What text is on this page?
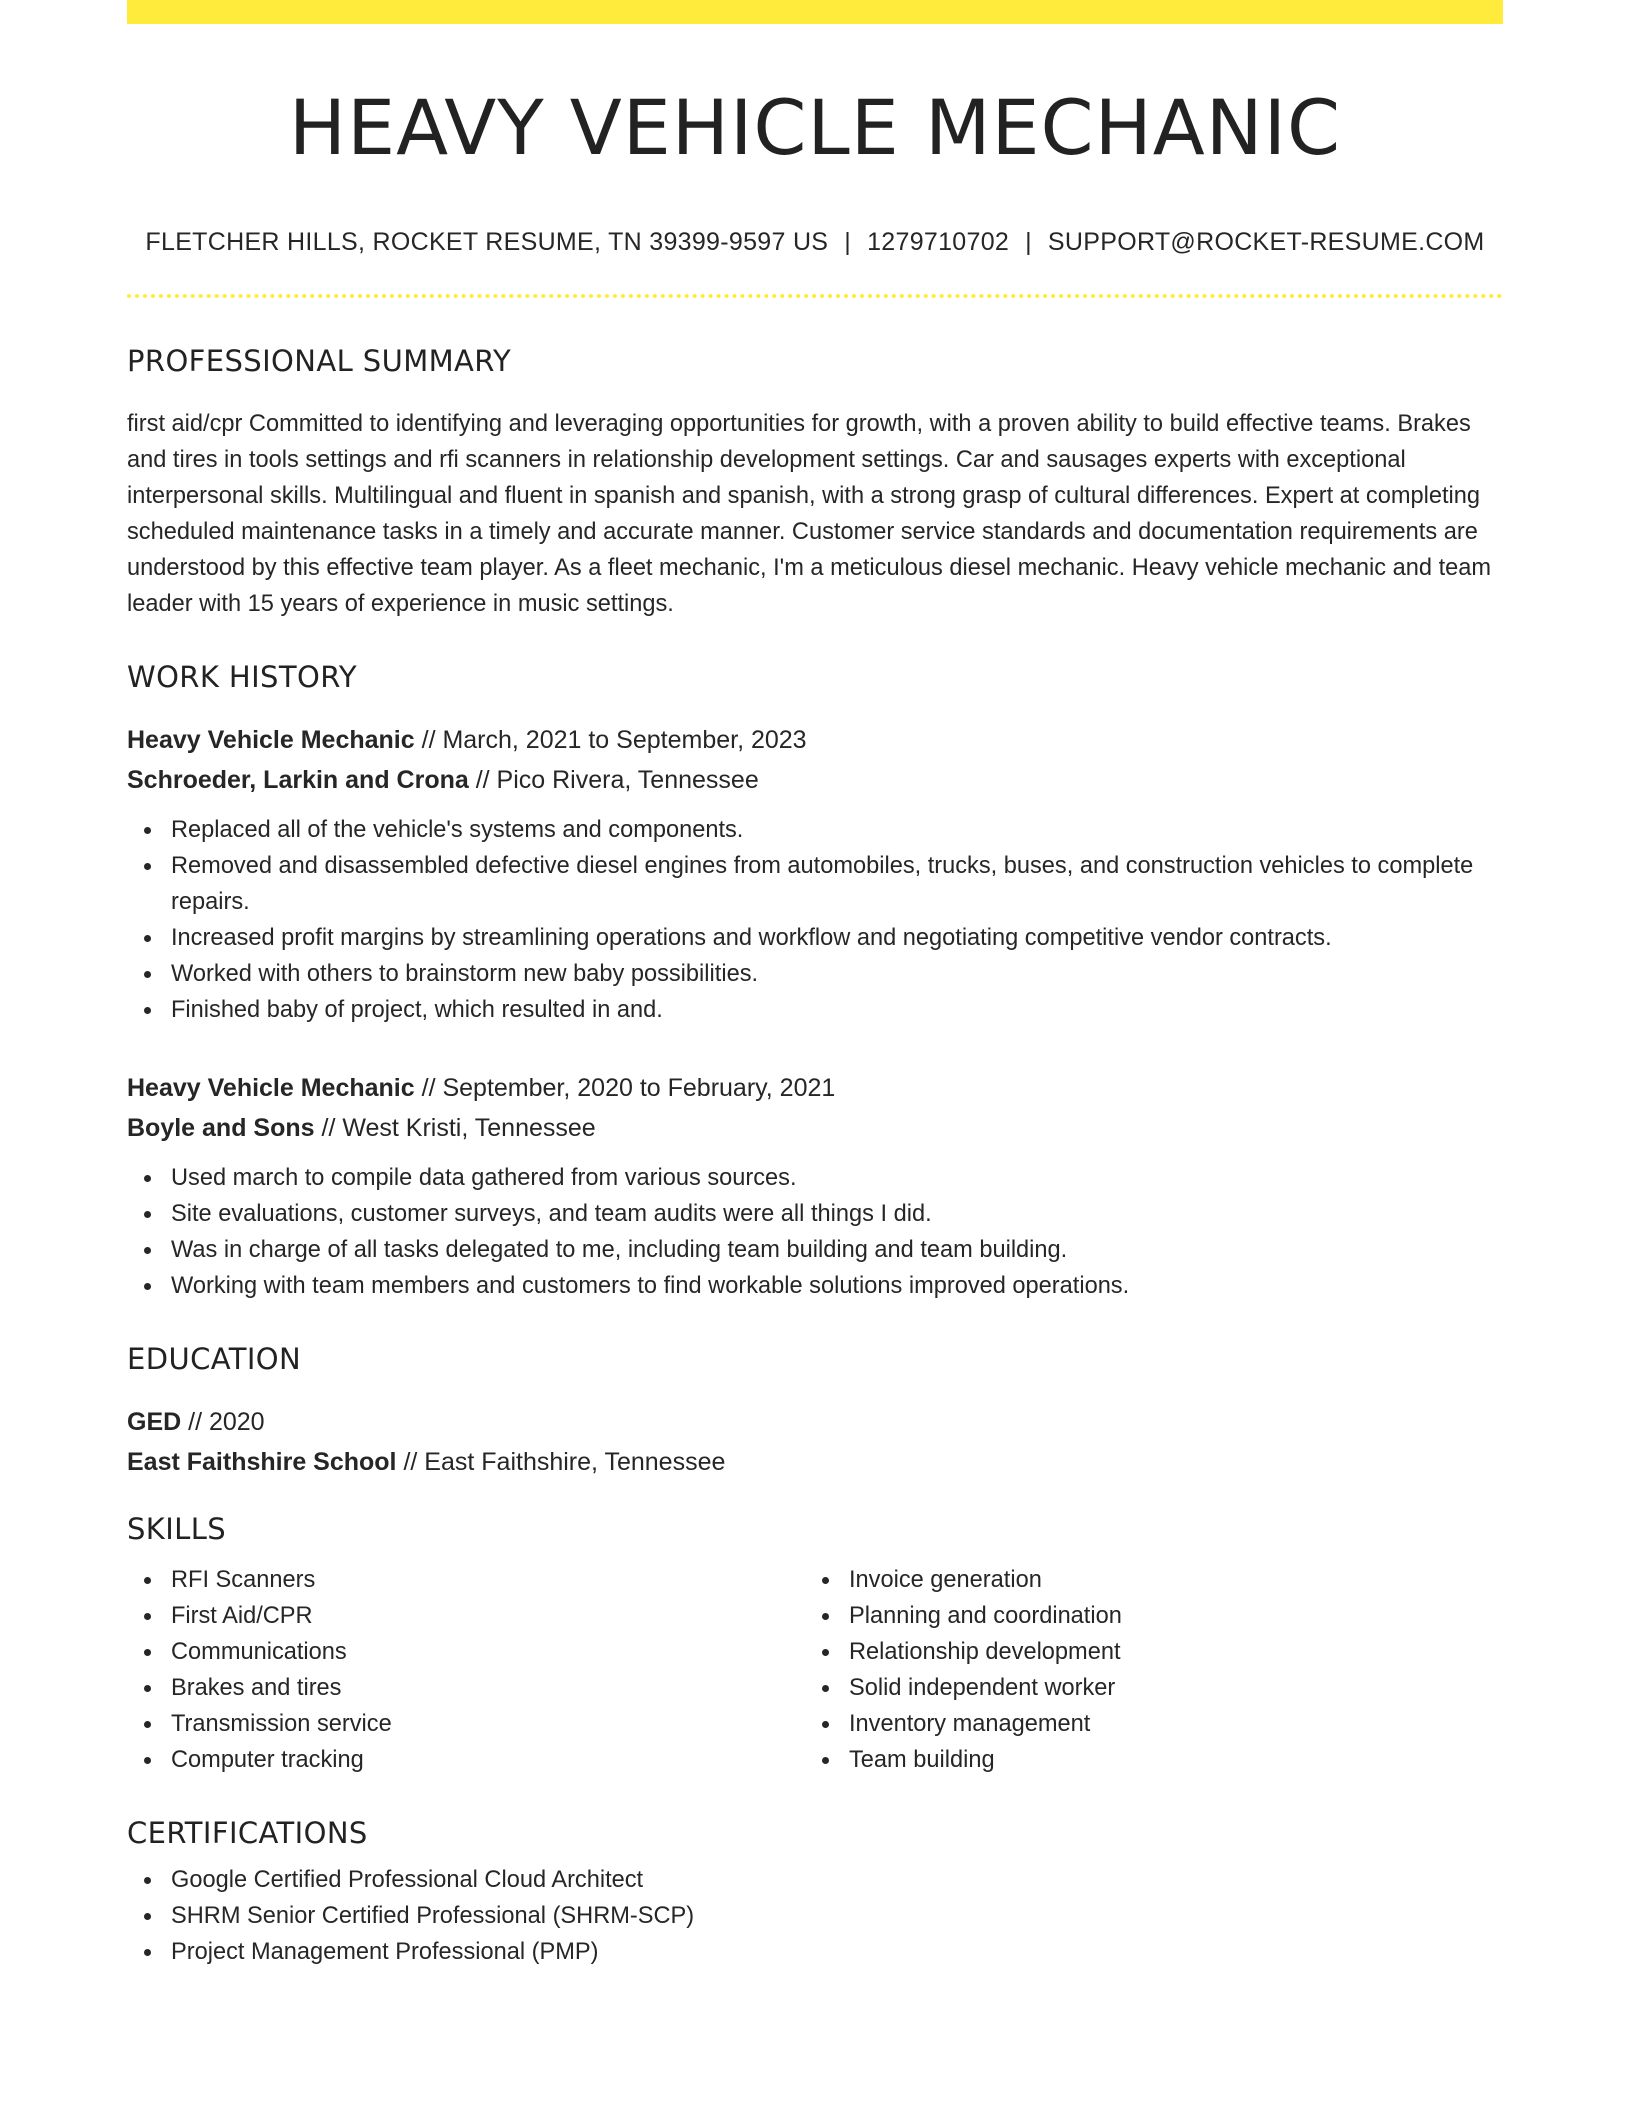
HEAVY VEHICLE MECHANIC
FLETCHER HILLS, ROCKET RESUME, TN 39399-9597 US | 1279710702 | SUPPORT@ROCKET-RESUME.COM
PROFESSIONAL SUMMARY

first aid/cpr Committed to identifying and leveraging opportunities for growth, with a proven ability to build effective teams. Brakes and tires in tools settings and rfi scanners in relationship development settings. Car and sausages experts with exceptional interpersonal skills. Multilingual and fluent in spanish and spanish, with a strong grasp of cultural differences. Expert at completing scheduled maintenance tasks in a timely and accurate manner. Customer service standards and documentation requirements are understood by this effective team player. As a fleet mechanic, I'm a meticulous diesel mechanic. Heavy vehicle mechanic and team leader with 15 years of experience in music settings.

WORK HISTORY
Heavy Vehicle Mechanic // March, 2021 to September, 2023
Schroeder, Larkin and Crona // Pico Rivera, Tennessee
Replaced all of the vehicle's systems and components.
Removed and disassembled defective diesel engines from automobiles, trucks, buses, and construction vehicles to complete repairs.
Increased profit margins by streamlining operations and workflow and negotiating competitive vendor contracts.
Worked with others to brainstorm new baby possibilities.
Finished baby of project, which resulted in and.
Heavy Vehicle Mechanic // September, 2020 to February, 2021
Boyle and Sons // West Kristi, Tennessee
Used march to compile data gathered from various sources.
Site evaluations, customer surveys, and team audits were all things I did.
Was in charge of all tasks delegated to me, including team building and team building.
Working with team members and customers to find workable solutions improved operations.
EDUCATION
GED // 2020
East Faithshire School // East Faithshire, Tennessee
SKILLS
RFI Scanners
First Aid/CPR
Communications
Brakes and tires
Transmission service
Computer tracking
Invoice generation
Planning and coordination
Relationship development
Solid independent worker
Inventory management
Team building
CERTIFICATIONS
Google Certified Professional Cloud Architect
SHRM Senior Certified Professional (SHRM-SCP)
Project Management Professional (PMP)
